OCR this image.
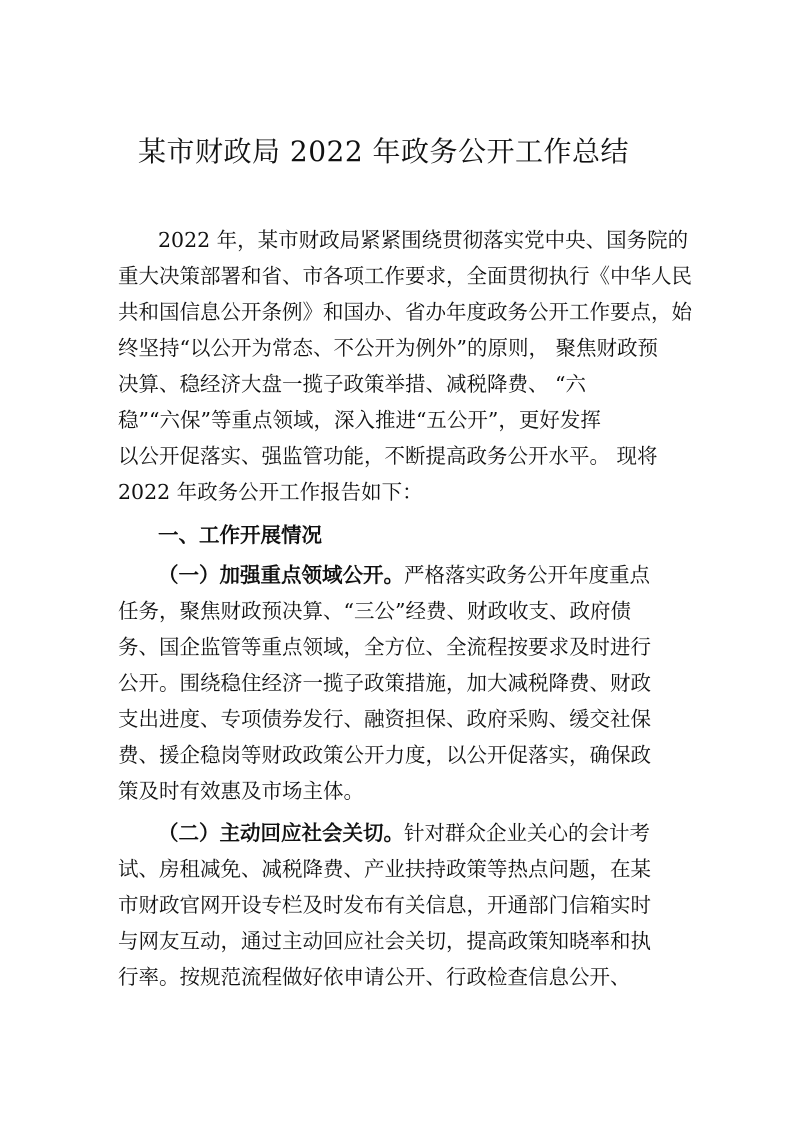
某市财政局 2022 年政务公开工作总结
2022 年，某市财政局紧紧围绕贯彻落实党中央、国务院的
重大决策部署和省、市各项工作要求，全面贯彻执行《中华人民
共和国信息公开条例》和国办、省办年度政务公开工作要点，始
终坚持“以公开为常态、不公开为例外”的原则， 聚焦财政预
决算、稳经济大盘一揽子政策举措、减税降费、 “六
稳”“六保”等重点领域，深入推进“五公开”，更好发挥
以公开促落实、强监管功能，不断提高政务公开水平。 现将
2022 年政务公开工作报告如下：
一、工作开展情况
（一）加强重点领域公开。严格落实政务公开年度重点
任务，聚焦财政预决算、“三公”经费、财政收支、政府债
务、国企监管等重点领域，全方位、全流程按要求及时进行
公开。围绕稳住经济一揽子政策措施，加大减税降费、财政
支出进度、专项债券发行、融资担保、政府采购、缓交社保
费、援企稳岗等财政政策公开力度，以公开促落实，确保政
策及时有效惠及市场主体。
（二）主动回应社会关切。针对群众企业关心的会计考
试、房租减免、减税降费、产业扶持政策等热点问题，在某
市财政官网开设专栏及时发布有关信息，开通部门信箱实时
与网友互动，通过主动回应社会关切，提高政策知晓率和执
行率。按规范流程做好依申请公开、行政检查信息公开、
